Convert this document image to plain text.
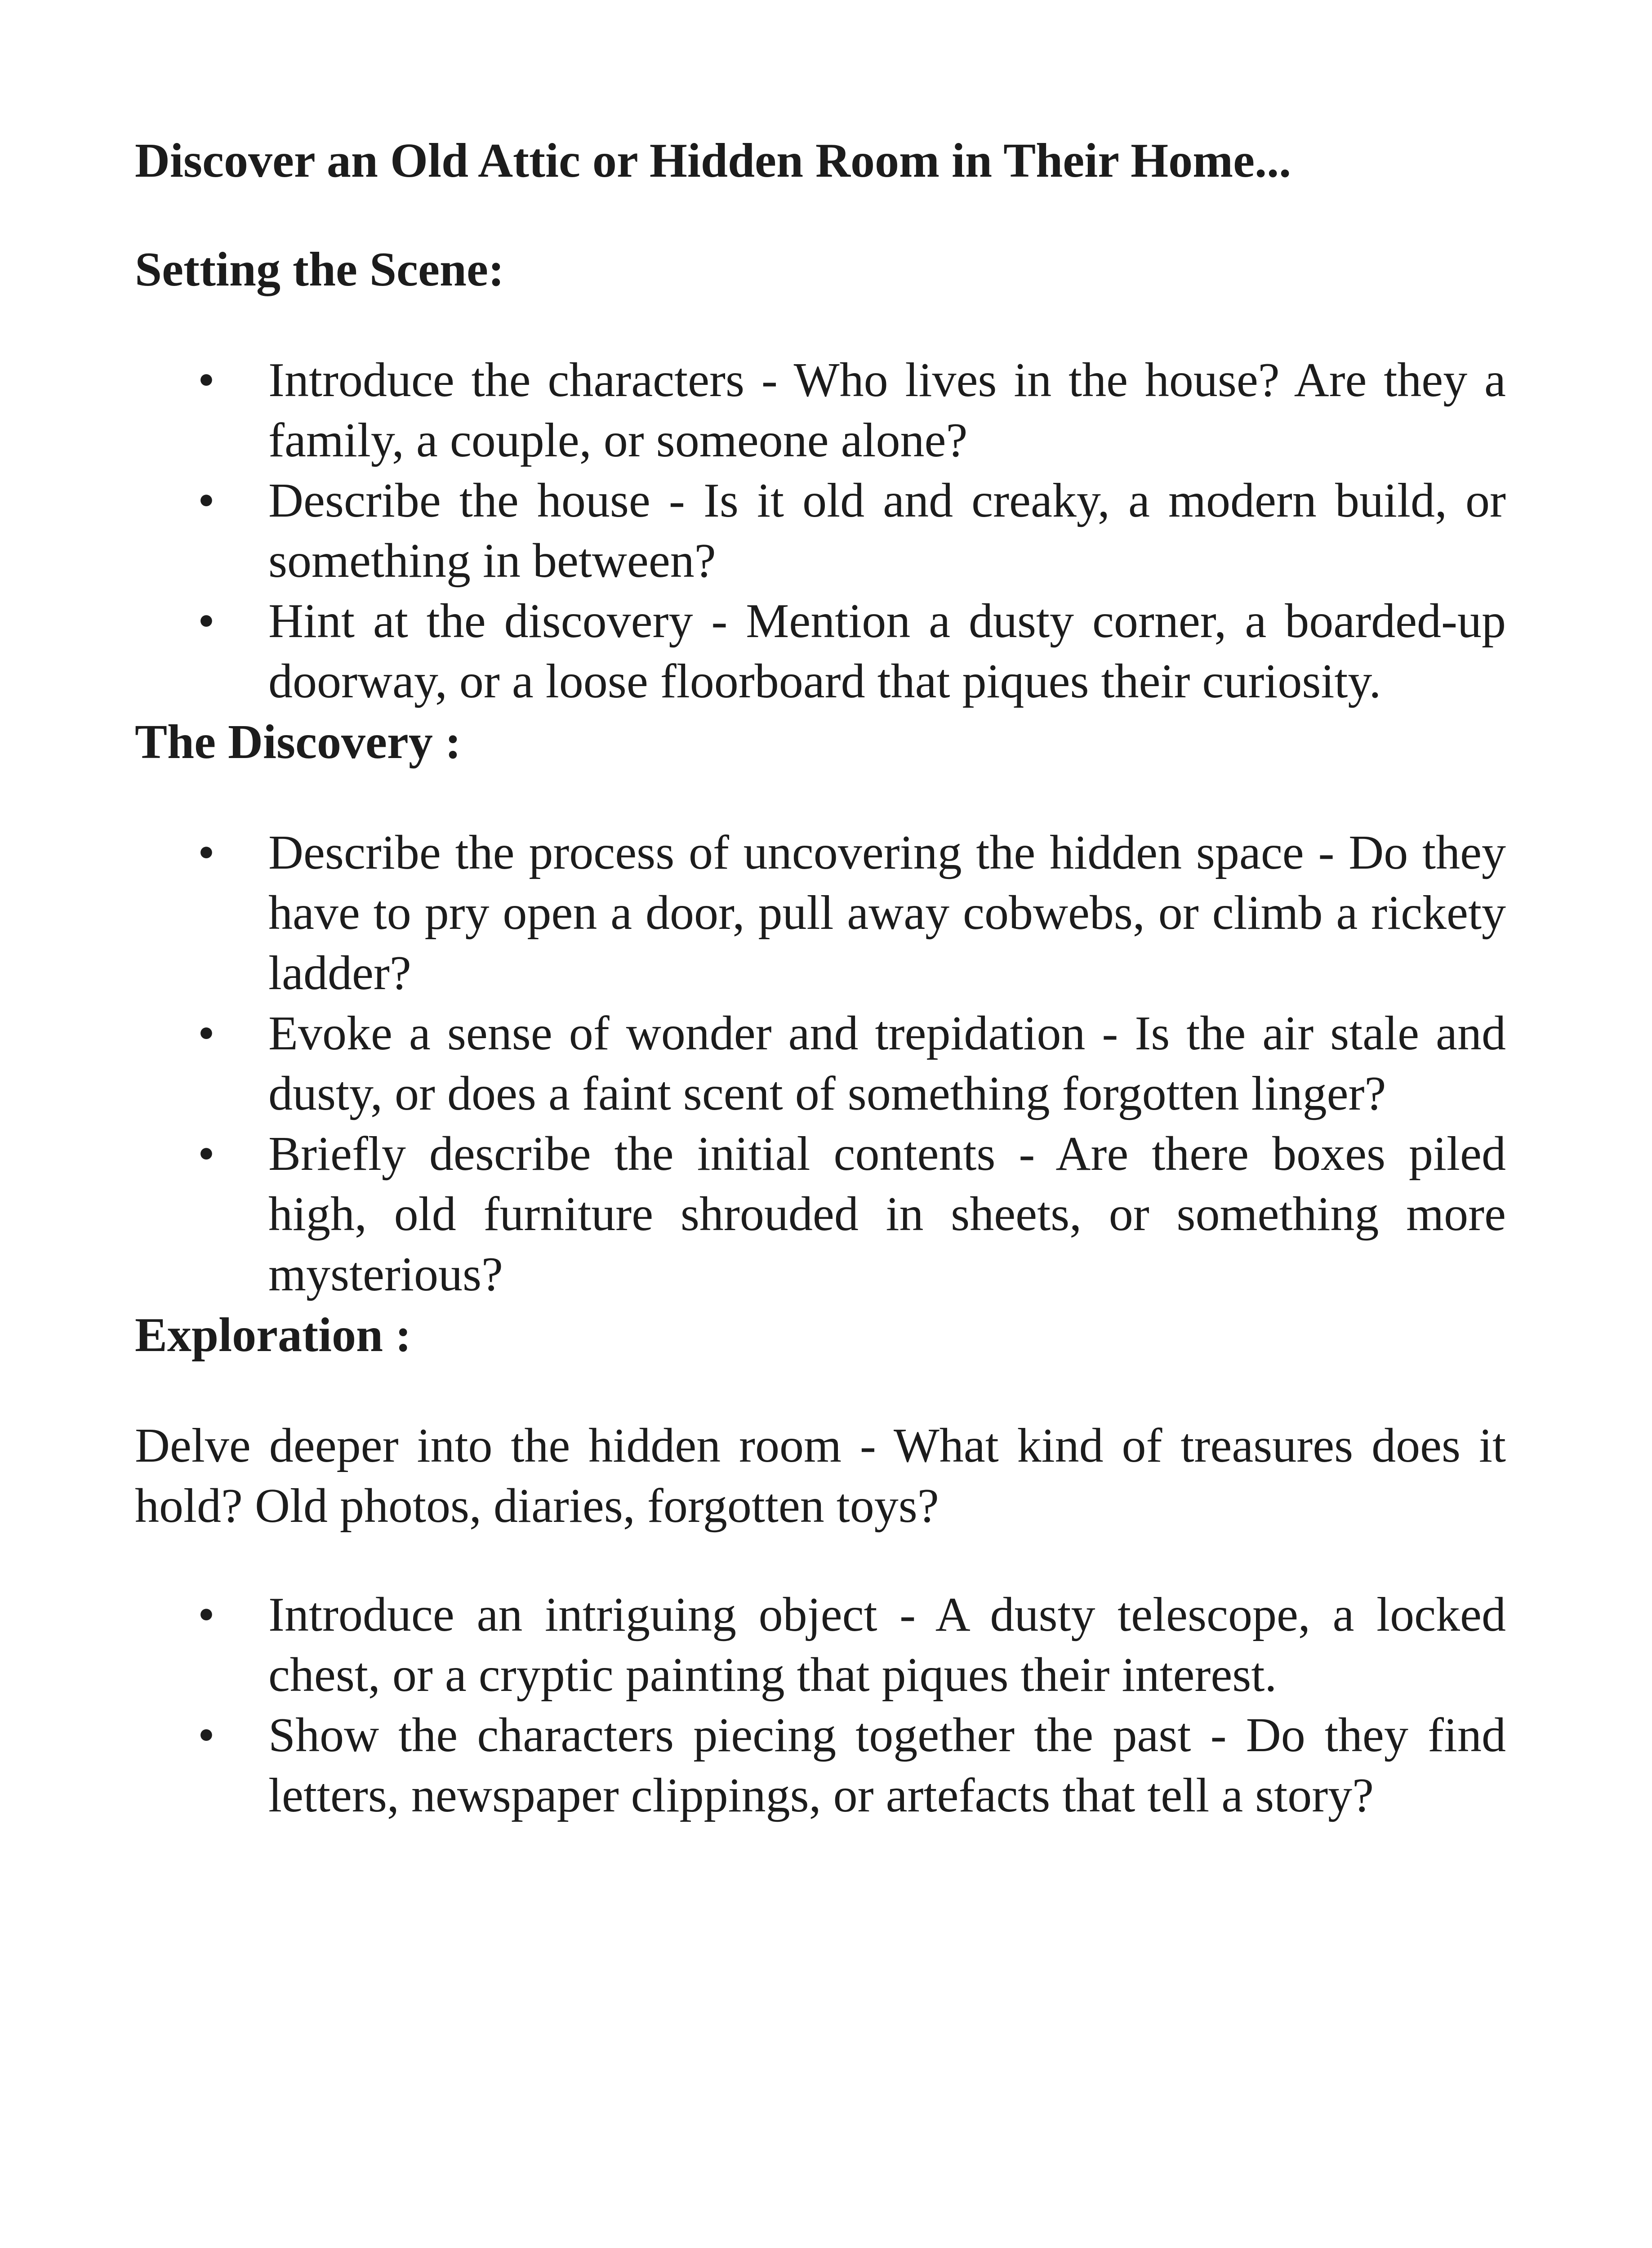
Discover an Old Attic or Hidden Room in Their Home...
Setting the Scene:
• Introduce the characters - Who lives in the house? Are they a family, a couple, or someone alone?
• Describe the house - Is it old and creaky, a modern build, or something in between?
• Hint at the discovery - Mention a dusty corner, a boarded-up doorway, or a loose floorboard that piques their curiosity.
The Discovery :
• Describe the process of uncovering the hidden space - Do they have to pry open a door, pull away cobwebs, or climb a rickety ladder?
• Evoke a sense of wonder and trepidation - Is the air stale and dusty, or does a faint scent of something forgotten linger?
• Briefly describe the initial contents - Are there boxes piled high, old furniture shrouded in sheets, or something more mysterious?
Exploration :

Delve deeper into the hidden room - What kind of treasures does it hold? Old photos, diaries, forgotten toys?

• Introduce an intriguing object - A dusty telescope, a locked chest, or a cryptic painting that piques their interest.
• Show the characters piecing together the past - Do they find letters, newspaper clippings, or artefacts that tell a story?
